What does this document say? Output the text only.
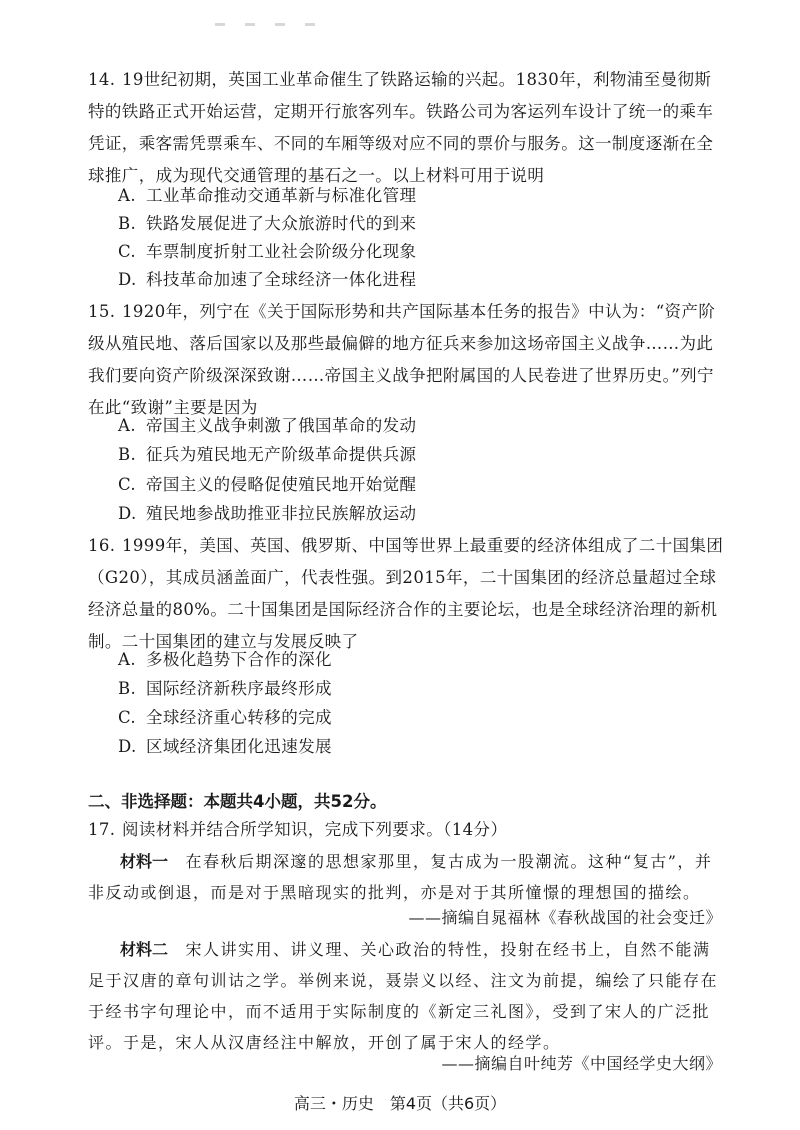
14. 19世纪初期，英国工业革命催生了铁路运输的兴起。1830年，利物浦至曼彻斯特的铁路正式开始运营，定期开行旅客列车。铁路公司为客运列车设计了统一的乘车凭证，乘客需凭票乘车、不同的车厢等级对应不同的票价与服务。这一制度逐渐在全球推广，成为现代交通管理的基石之一。以上材料可用于说明
A. 工业革命推动交通革新与标准化管理
B. 铁路发展促进了大众旅游时代的到来
C. 车票制度折射工业社会阶级分化现象
D. 科技革命加速了全球经济一体化进程
15. 1920年，列宁在《关于国际形势和共产国际基本任务的报告》中认为：“资产阶级从殖民地、落后国家以及那些最偏僻的地方征兵来参加这场帝国主义战争……为此我们要向资产阶级深深致谢……帝国主义战争把附属国的人民卷进了世界历史。”列宁在此“致谢”主要是因为
A. 帝国主义战争刺激了俄国革命的发动
B. 征兵为殖民地无产阶级革命提供兵源
C. 帝国主义的侵略促使殖民地开始觉醒
D. 殖民地参战助推亚非拉民族解放运动
16. 1999年，美国、英国、俄罗斯、中国等世界上最重要的经济体组成了二十国集团（G20），其成员涵盖面广，代表性强。到2015年，二十国集团的经济总量超过全球经济总量的80%。二十国集团是国际经济合作的主要论坛，也是全球经济治理的新机制。二十国集团的建立与发展反映了
A. 多极化趋势下合作的深化
B. 国际经济新秩序最终形成
C. 全球经济重心转移的完成
D. 区域经济集团化迅速发展
二、非选择题：本题共4小题，共52分。
17. 阅读材料并结合所学知识，完成下列要求。（14分）
材料一　 在春秋后期深邃的思想家那里，复古成为一股潮流。这种“复古”，并非反动或倒退，而是对于黑暗现实的批判，亦是对于其所憧憬的理想国的描绘。
——摘编自晁福林《春秋战国的社会变迁》
材料二　 宋人讲实用、讲义理、关心政治的特性，投射在经书上，自然不能满足于汉唐的章句训诂之学。举例来说，聂崇义以经、注文为前提，编绘了只能存在于经书字句理论中，而不适用于实际制度的《新定三礼图》，受到了宋人的广泛批评。于是，宋人从汉唐经注中解放，开创了属于宋人的经学。
——摘编自叶纯芳《中国经学史大纲》
高三・历史　第4页（共6页）
